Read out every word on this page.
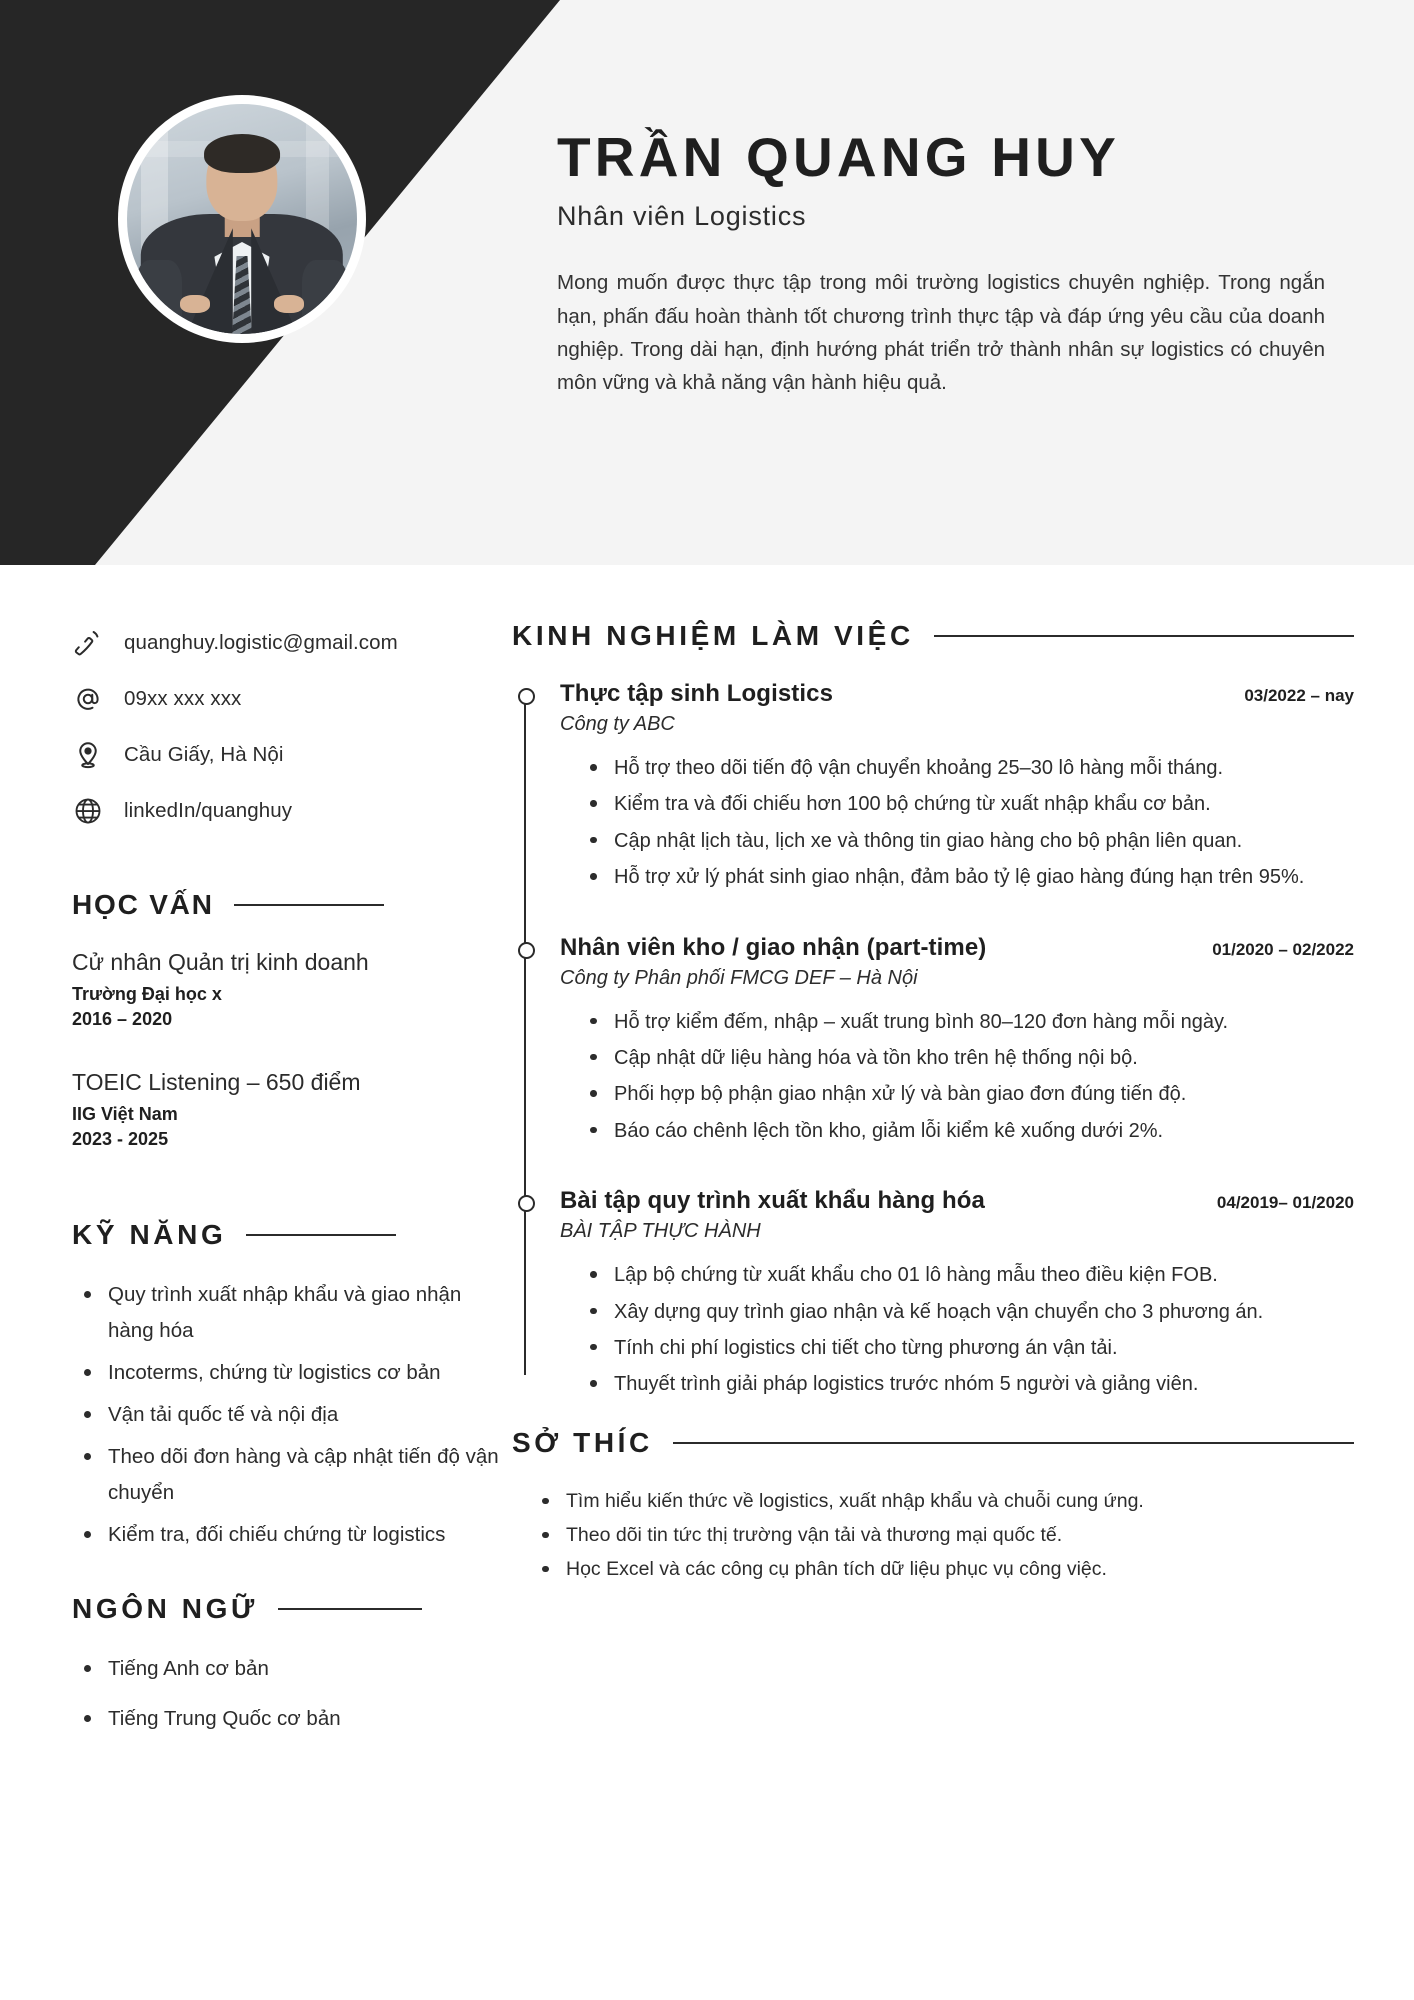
TRẦN QUANG HUY
Nhân viên Logistics
Mong muốn được thực tập trong môi trường logistics chuyên nghiệp. Trong ngắn hạn, phấn đấu hoàn thành tốt chương trình thực tập và đáp ứng yêu cầu của doanh nghiệp. Trong dài hạn, định hướng phát triển trở thành nhân sự logistics có chuyên môn vững và khả năng vận hành hiệu quả.
quanghuy.logistic@gmail.com
09xx xxx xxx
Cầu Giấy, Hà Nội
linkedIn/quanghuy
HỌC VẤN
Cử nhân Quản trị kinh doanh
Trường Đại học x
2016 – 2020
TOEIC Listening – 650 điểm
IIG Việt Nam
2023 - 2025
KỸ NĂNG
Quy trình xuất nhập khẩu và giao nhận hàng hóa
Incoterms, chứng từ logistics cơ bản
Vận tải quốc tế và nội địa
Theo dõi đơn hàng và cập nhật tiến độ vận chuyển
Kiểm tra, đối chiếu chứng từ logistics
NGÔN NGỮ
Tiếng Anh cơ bản
Tiếng Trung Quốc cơ bản
KINH NGHIỆM LÀM VIỆC
Thực tập sinh Logistics	03/2022 – nay
Công ty ABC
Hỗ trợ theo dõi tiến độ vận chuyển khoảng 25–30 lô hàng mỗi tháng.
Kiểm tra và đối chiếu hơn 100 bộ chứng từ xuất nhập khẩu cơ bản.
Cập nhật lịch tàu, lịch xe và thông tin giao hàng cho bộ phận liên quan.
Hỗ trợ xử lý phát sinh giao nhận, đảm bảo tỷ lệ giao hàng đúng hạn trên 95%.
Nhân viên kho / giao nhận (part-time)	01/2020 – 02/2022
Công ty Phân phối FMCG DEF – Hà Nội
Hỗ trợ kiểm đếm, nhập – xuất trung bình 80–120 đơn hàng mỗi ngày.
Cập nhật dữ liệu hàng hóa và tồn kho trên hệ thống nội bộ.
Phối hợp bộ phận giao nhận xử lý và bàn giao đơn đúng tiến độ.
Báo cáo chênh lệch tồn kho, giảm lỗi kiểm kê xuống dưới 2%.
Bài tập quy trình xuất khẩu hàng hóa	04/2019– 01/2020
BÀI TẬP THỰC HÀNH
Lập bộ chứng từ xuất khẩu cho 01 lô hàng mẫu theo điều kiện FOB.
Xây dựng quy trình giao nhận và kế hoạch vận chuyển cho 3 phương án.
Tính chi phí logistics chi tiết cho từng phương án vận tải.
Thuyết trình giải pháp logistics trước nhóm 5 người và giảng viên.
SỞ THÍC
Tìm hiểu kiến thức về logistics, xuất nhập khẩu và chuỗi cung ứng.
Theo dõi tin tức thị trường vận tải và thương mại quốc tế.
Học Excel và các công cụ phân tích dữ liệu phục vụ công việc.
